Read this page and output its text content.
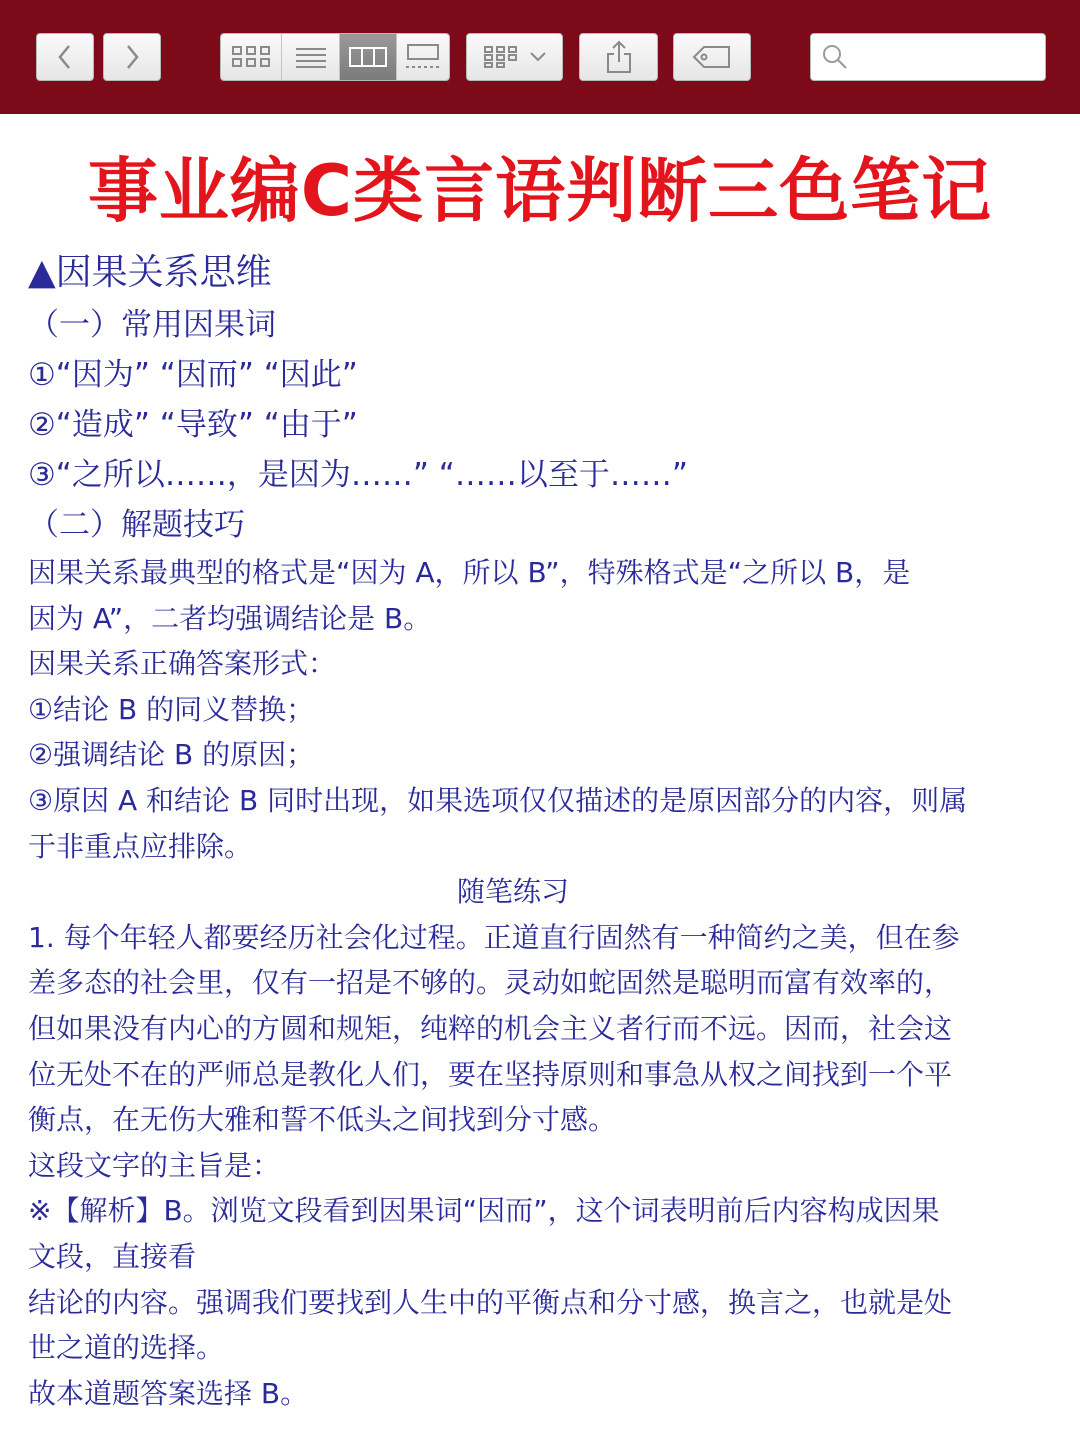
事业编C类言语判断三色笔记

▲因果关系思维

（一）常用因果词

①“因为” “因而” “因此”

②“造成” “导致” “由于”

③“之所以……，是因为……” “……以至于……”

（二）解题技巧

因果关系最典型的格式是“因为 A，所以 B”，特殊格式是“之所以 B，是

因为 A”，二者均强调结论是 B。

因果关系正确答案形式：

①结论 B 的同义替换；

②强调结论 B 的原因；

③原因 A 和结论 B 同时出现，如果选项仅仅描述的是原因部分的内容，则属

于非重点应排除。

随笔练习

1. 每个年轻人都要经历社会化过程。正道直行固然有一种简约之美，但在参

差多态的社会里，仅有一招是不够的。灵动如蛇固然是聪明而富有效率的，

但如果没有内心的方圆和规矩，纯粹的机会主义者行而不远。因而，社会这

位无处不在的严师总是教化人们，要在坚持原则和事急从权之间找到一个平

衡点，在无伤大雅和誓不低头之间找到分寸感。

这段文字的主旨是：

※【解析】B。浏览文段看到因果词“因而”，这个词表明前后内容构成因果

文段，直接看

结论的内容。强调我们要找到人生中的平衡点和分寸感，换言之，也就是处

世之道的选择。

故本道题答案选择 B。
